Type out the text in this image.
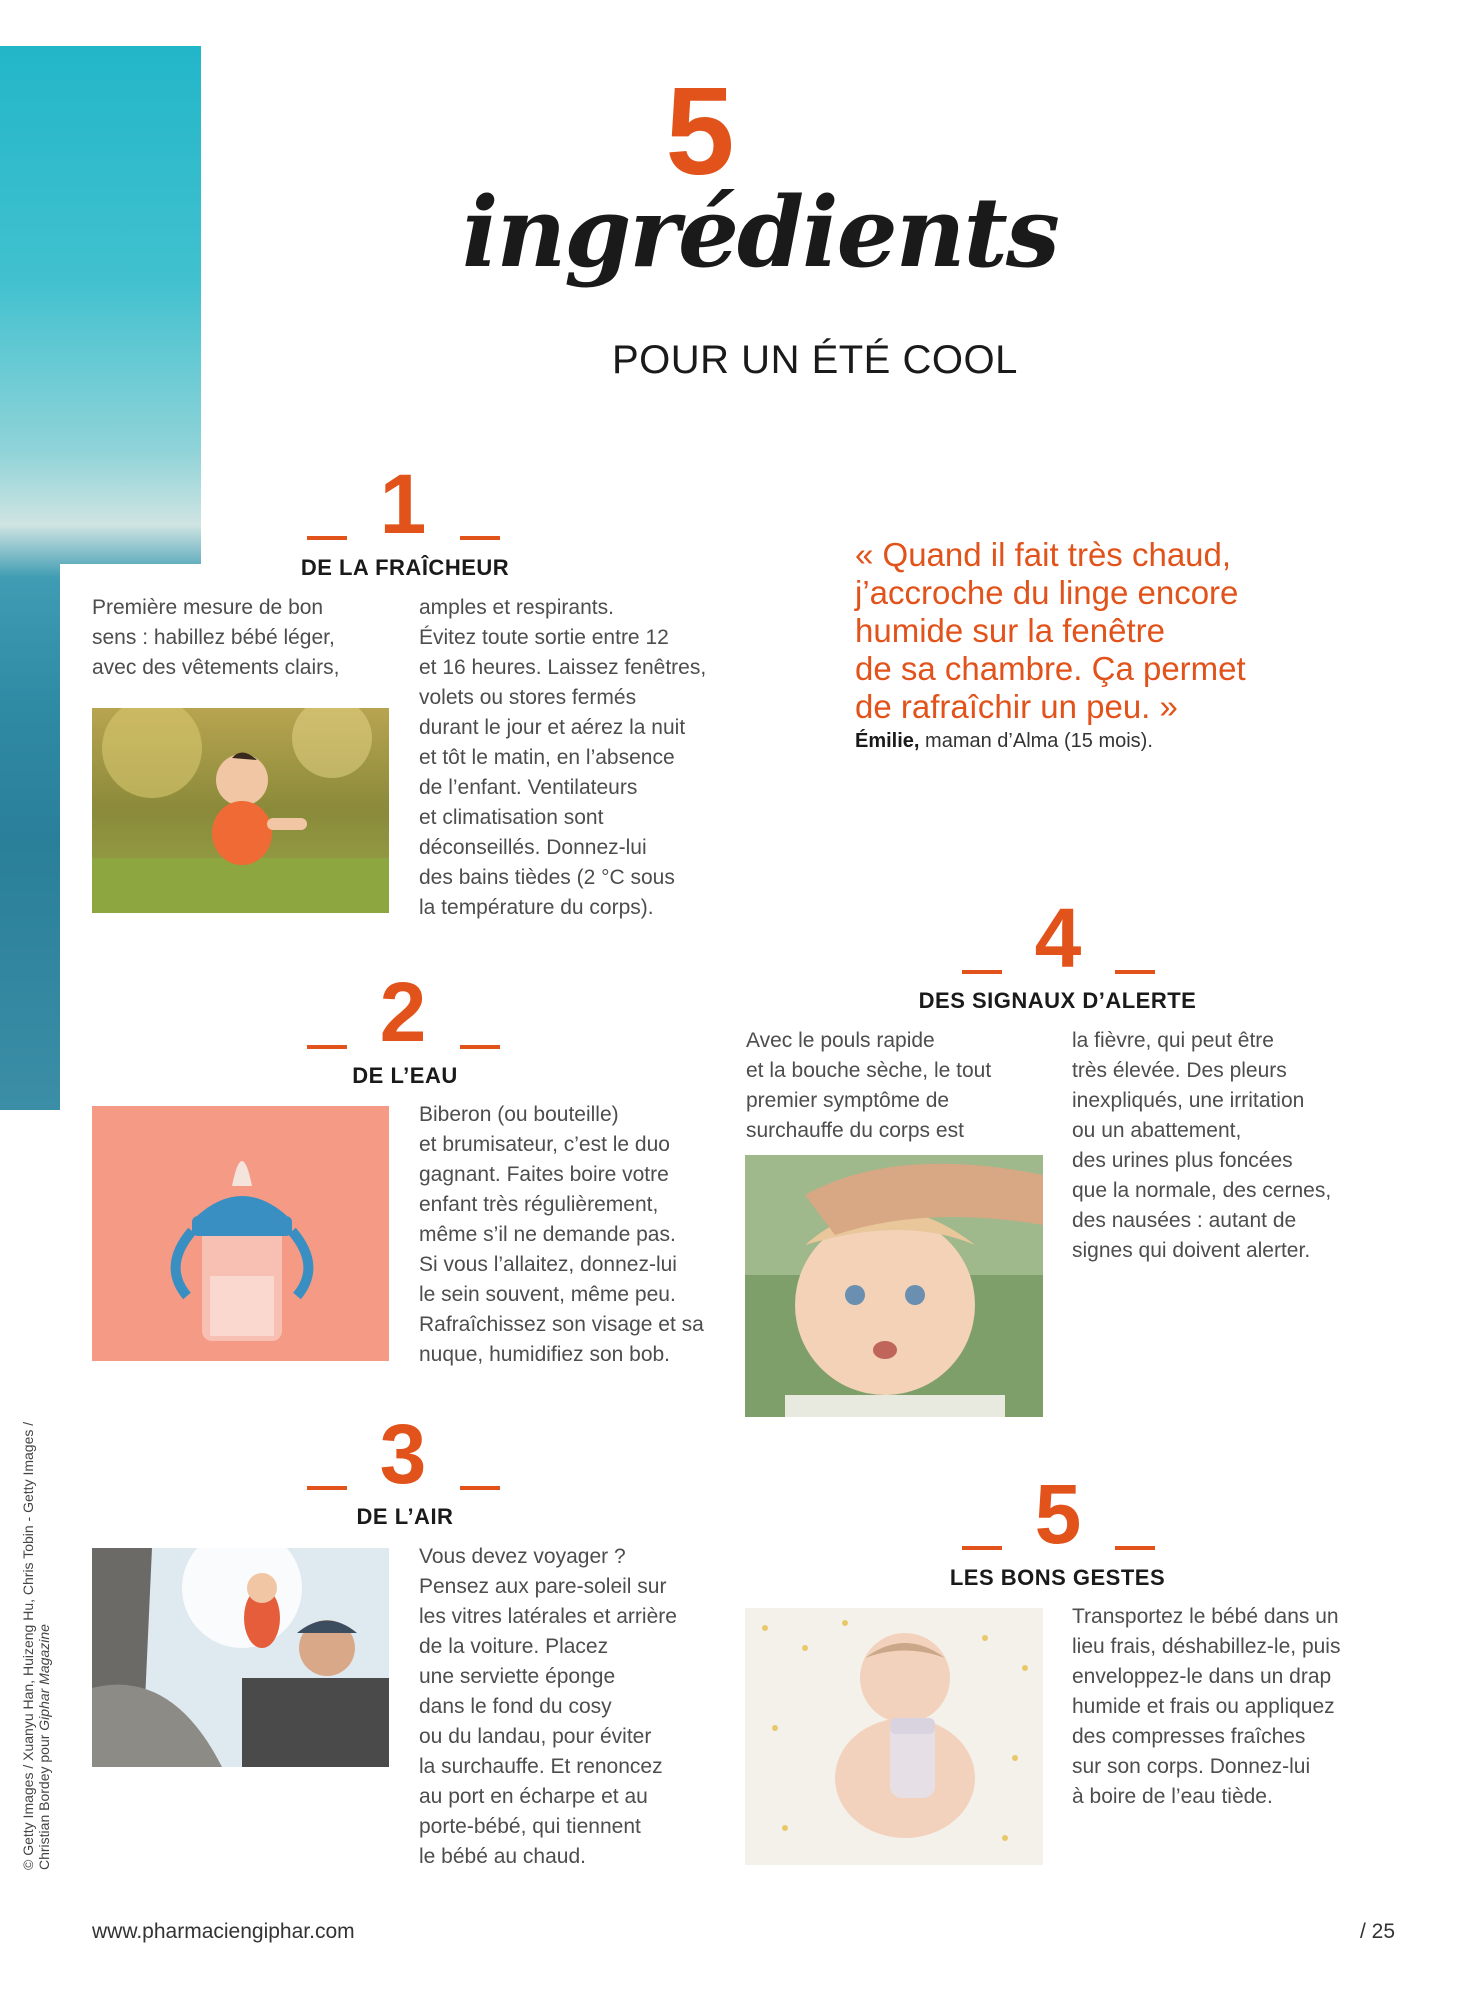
5
ingrédients
POUR UN ÉTÉ COOL
1
DE LA FRAÎCHEUR

Première mesure de bon

sens : habillez bébé léger,

avec des vêtements clairs,

amples et respirants.

Évitez toute sortie entre 12

et 16 heures. Laissez fenêtres,

volets ou stores fermés

durant le jour et aérez la nuit

et tôt le matin, en l’absence

de l’enfant. Ventilateurs

et climatisation sont

déconseillés. Donnez-lui

des bains tièdes (2 °C sous

la température du corps).

« Quand il fait très chaud,
j’accroche du linge encore
humide sur la fenêtre
de sa chambre. Ça permet
de rafraîchir un peu. »
Émilie, maman d’Alma (15 mois).
2
DE L’EAU

Biberon (ou bouteille)

et brumisateur, c’est le duo

gagnant. Faites boire votre

enfant très régulièrement,

même s’il ne demande pas.

Si vous l’allaitez, donnez-lui

le sein souvent, même peu.

Rafraîchissez son visage et sa

nuque, humidifiez son bob.

3
DE L’AIR

Vous devez voyager ?

Pensez aux pare-soleil sur

les vitres latérales et arrière

de la voiture. Placez

une serviette éponge

dans le fond du cosy

ou du landau, pour éviter

la surchauffe. Et renoncez

au port en écharpe et au

porte-bébé, qui tiennent

le bébé au chaud.

4
DES SIGNAUX D’ALERTE

Avec le pouls rapide

et la bouche sèche, le tout

premier symptôme de

surchauffe du corps est

la fièvre, qui peut être

très élevée. Des pleurs

inexpliqués, une irritation

ou un abattement,

des urines plus foncées

que la normale, des cernes,

des nausées : autant de

signes qui doivent alerter.

5
LES BONS GESTES

Transportez le bébé dans un

lieu frais, déshabillez-le, puis

enveloppez-le dans un drap

humide et frais ou appliquez

des compresses fraîches

sur son corps. Donnez-lui

à boire de l’eau tiède.

© Getty Images / Xuanyu Han, Huizeng Hu, Chris Tobin - Getty Images / Christian Bordey pour Giphar Magazine
www.pharmaciengiphar.com	/ 25
